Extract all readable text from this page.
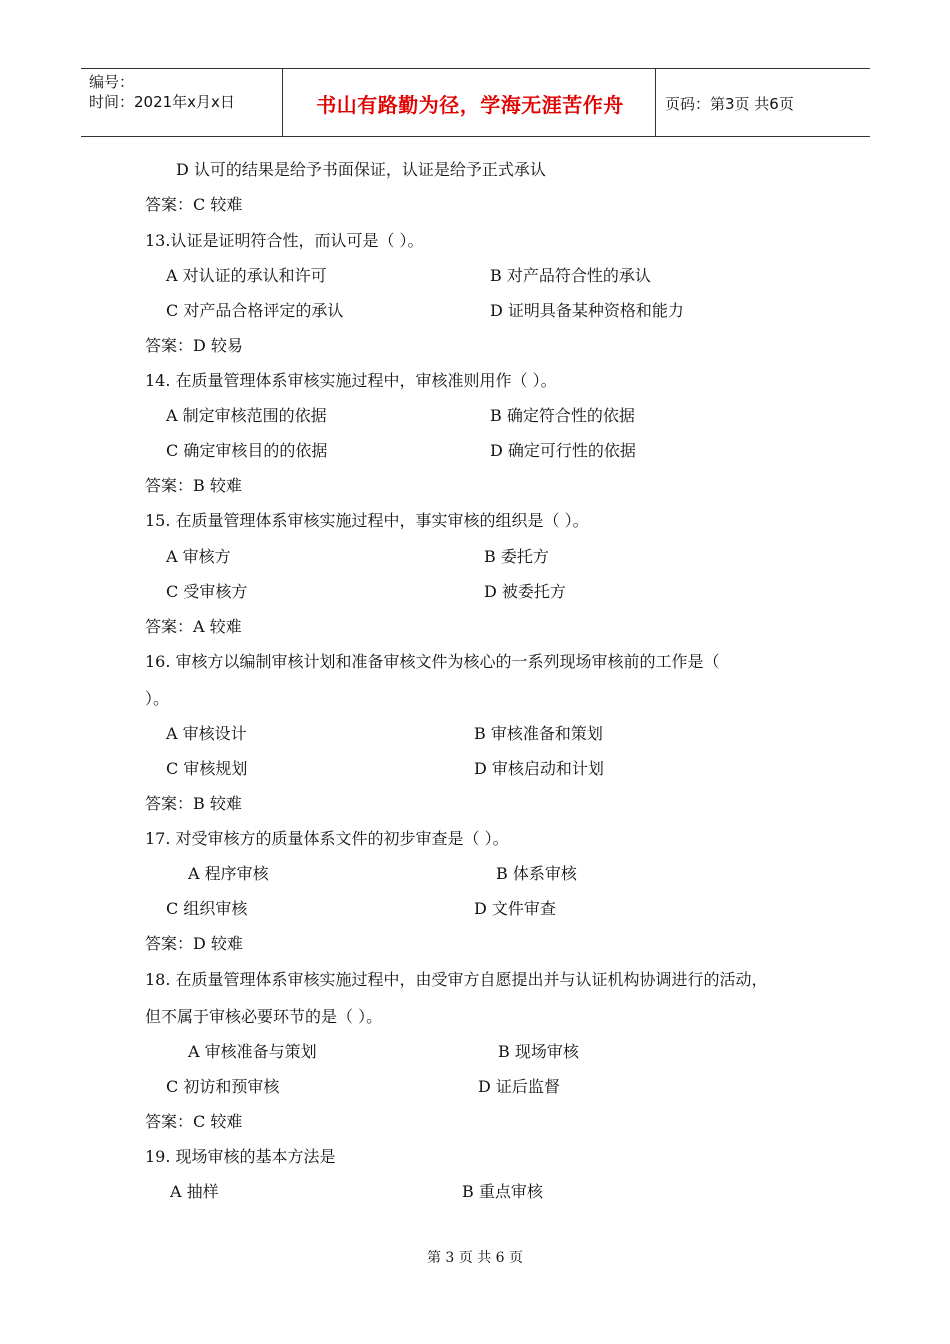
编号：
时间：2021年x月x日	书山有路勤为径，学海无涯苦作舟	页码：第3页 共6页
D 认可的结果是给予书面保证，认证是给予正式承认
答案：C 较难
13.认证是证明符合性，而认可是（ ）。
A 对认证的承认和许可	B 对产品符合性的承认
C 对产品合格评定的承认	D 证明具备某种资格和能力
答案：D 较易
14. 在质量管理体系审核实施过程中，审核准则用作（ ）。
A 制定审核范围的依据	B 确定符合性的依据
C 确定审核目的的依据	D 确定可行性的依据
答案：B 较难
15. 在质量管理体系审核实施过程中，事实审核的组织是（ ）。
A 审核方	B 委托方
C 受审核方	D 被委托方
答案：A 较难
16. 审核方以编制审核计划和准备审核文件为核心的一系列现场审核前的工作是（
）。
A 审核设计	B 审核准备和策划
C 审核规划	D 审核启动和计划
答案：B 较难
17. 对受审核方的质量体系文件的初步审查是（ ）。
A 程序审核	B 体系审核
C 组织审核	D 文件审查
答案：D 较难
18. 在质量管理体系审核实施过程中，由受审方自愿提出并与认证机构协调进行的活动，
但不属于审核必要环节的是（ ）。
A 审核准备与策划	B 现场审核
C 初访和预审核	D 证后监督
答案：C 较难
19. 现场审核的基本方法是
A 抽样	B 重点审核
第 3 页 共 6 页
